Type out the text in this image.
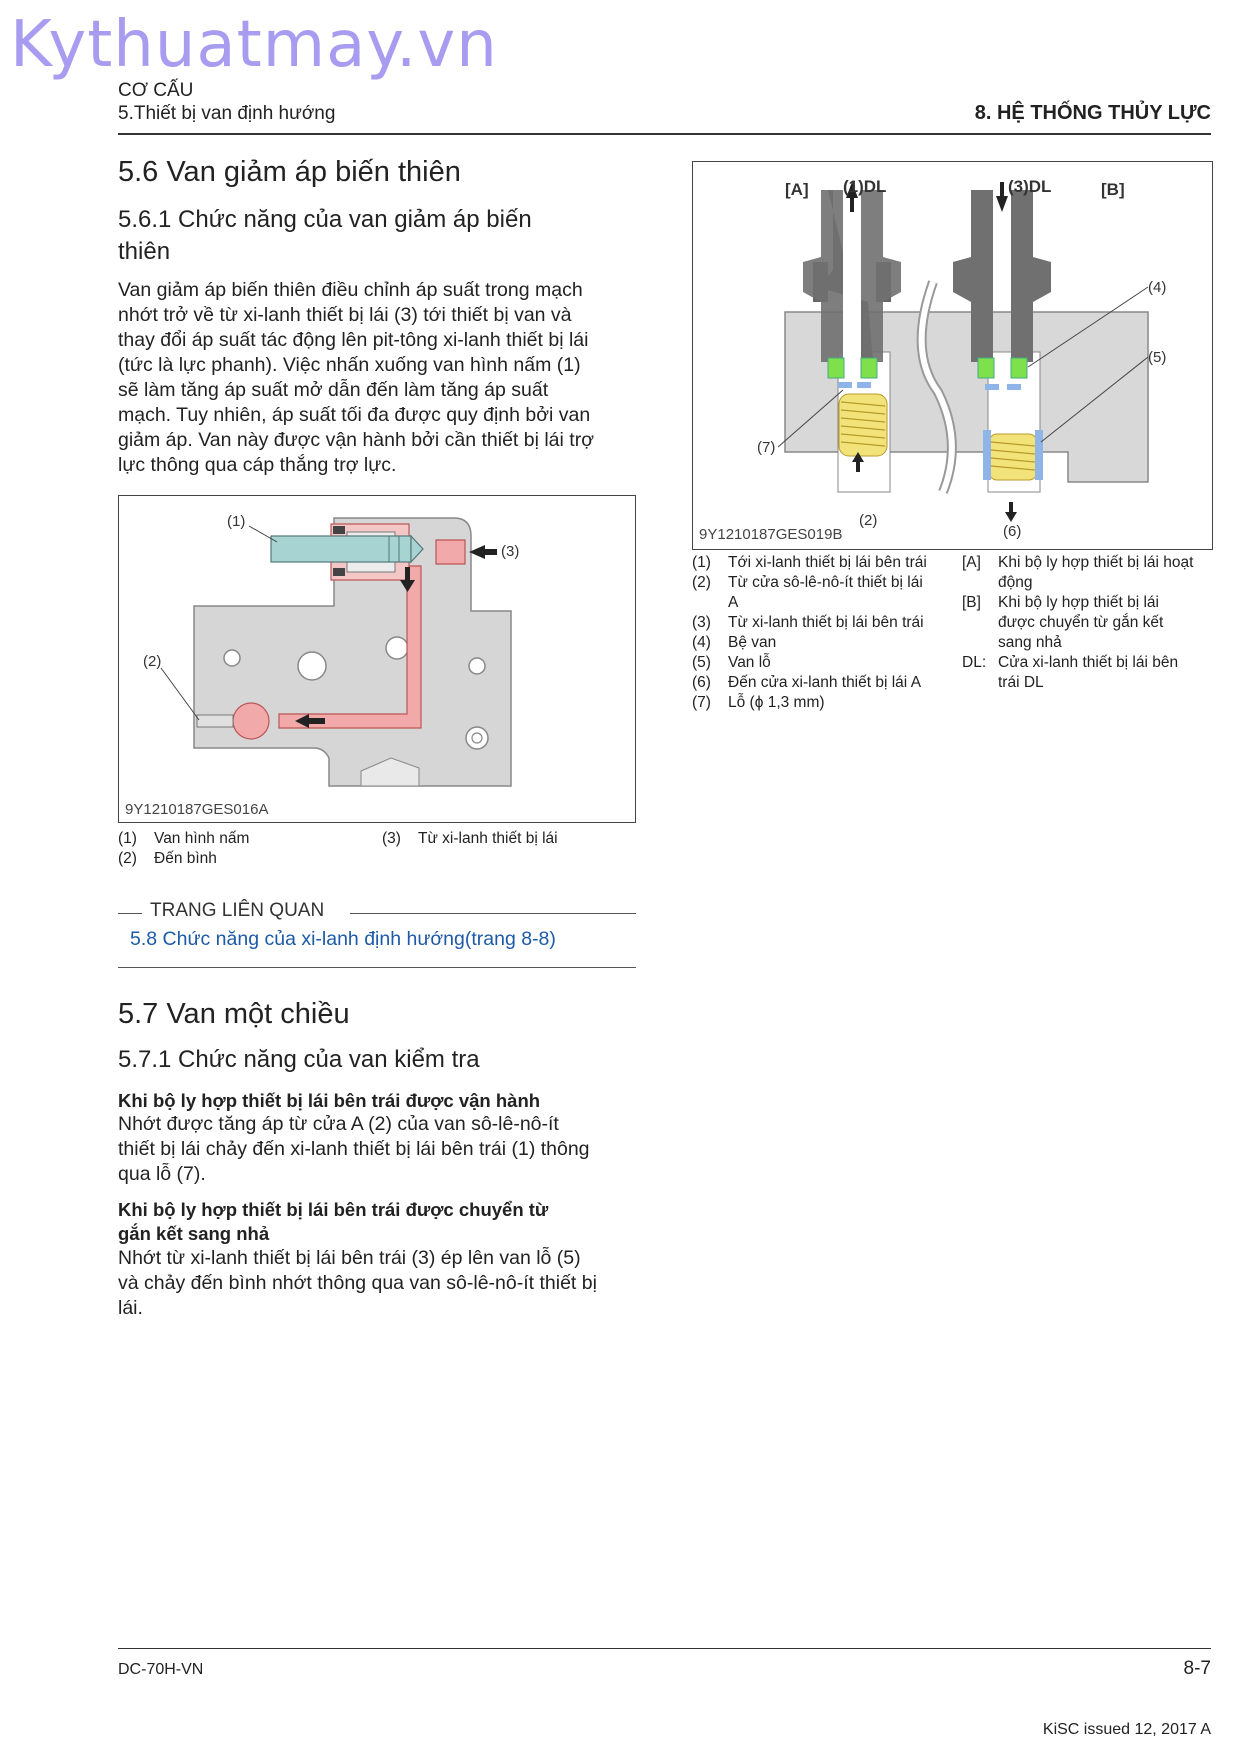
Kythuatmay.vn
CƠ CẤU
5.Thiết bị van định hướng	8. HỆ THỐNG THỦY LỰC
5.6 Van giảm áp biến thiên
5.6.1 Chức năng của van giảm áp biến
thiên
Van giảm áp biến thiên điều chỉnh áp suất trong mạch
nhớt trở về từ xi-lanh thiết bị lái (3) tới thiết bị van và
thay đổi áp suất tác động lên pit-tông xi-lanh thiết bị lái
(tức là lực phanh). Việc nhấn xuống van hình nấm (1)
sẽ làm tăng áp suất mở dẫn đến làm tăng áp suất
mạch. Tuy nhiên, áp suất tối đa được quy định bởi van
giảm áp. Van này được vận hành bởi cần thiết bị lái trợ
lực thông qua cáp thắng trợ lực.
(1)
(3)
(2)
9Y1210187GES016A
(1) Van hình nấm
(2) Đến bình
(3) Từ xi-lanh thiết bị lái
TRANG LIÊN QUAN
5.8 Chức năng của xi-lanh định hướng(trang 8-8)
5.7 Van một chiều
5.7.1 Chức năng của van kiểm tra
Khi bộ ly hợp thiết bị lái bên trái được vận hành
Nhớt được tăng áp từ cửa A (2) của van sô-lê-nô-ít
thiết bị lái chảy đến xi-lanh thiết bị lái bên trái (1) thông
qua lỗ (7).
Khi bộ ly hợp thiết bị lái bên trái được chuyển từ
gắn kết sang nhả
Nhớt từ xi-lanh thiết bị lái bên trái (3) ép lên van lỗ (5)
và chảy đến bình nhớt thông qua van sô-lê-nô-ít thiết bị
lái.
[A] (1)DL	(3)DL	[B]
(4)
(5)
(7)
(2)
(6)
9Y1210187GES019B
(1)	Tới xi-lanh thiết bị lái bên trái
(2)	Từ cửa sô-lê-nô-ít thiết bị lái
A
(3)	Từ xi-lanh thiết bị lái bên trái
(4)	Bệ van
(5)	Van lỗ
(6)	Đến cửa xi-lanh thiết bị lái A
(7)	Lỗ (ϕ 1,3 mm)
[A]	Khi bộ ly hợp thiết bị lái hoạt
động
[B]	Khi bộ ly hợp thiết bị lái
được chuyển từ gắn kết
sang nhả
DL: Cửa xi-lanh thiết bị lái bên
trái DL
DC-70H-VN	8-7
KiSC issued 12, 2017 A
